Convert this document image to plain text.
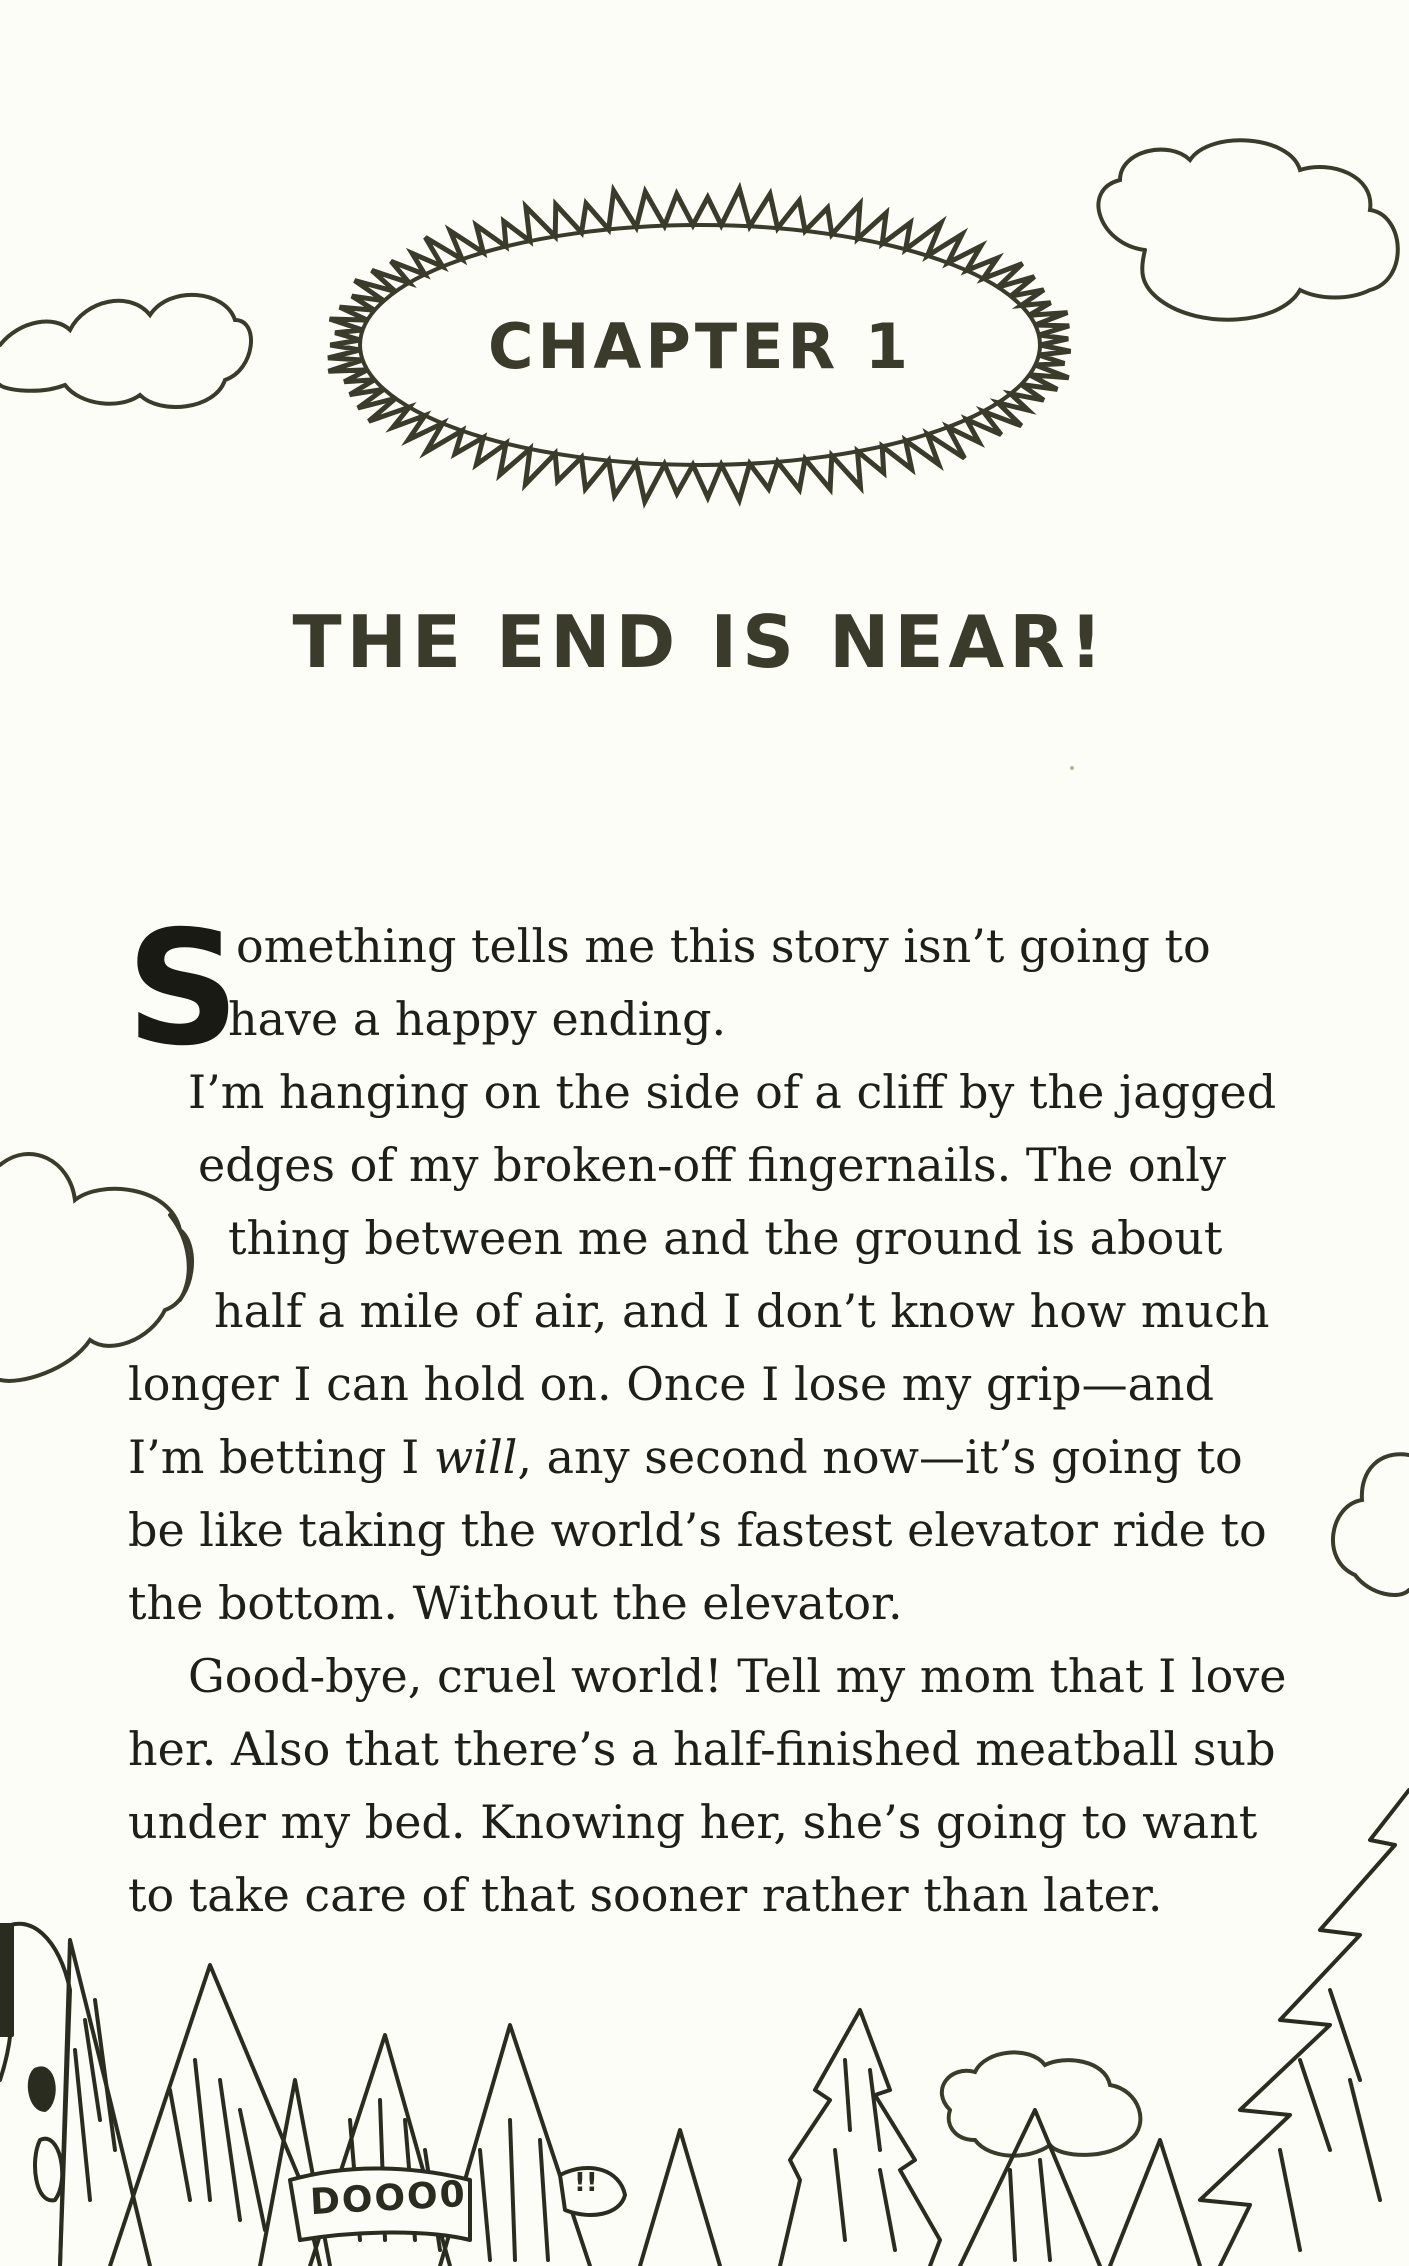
DOOO0	!!
CHAPTER 1
THE END IS NEAR!
S
omething tells me this story isn’t going to
have a happy ending.
I’m hanging on the side of a cliff by the jagged
edges of my broken-off fingernails. The only
thing between me and the ground is about
half a mile of air, and I don’t know how much
longer I can hold on. Once I lose my grip—and
I’m betting I will, any second now—it’s going to
be like taking the world’s fastest elevator ride to
the bottom. Without the elevator.
Good-bye, cruel world! Tell my mom that I love
her. Also that there’s a half-finished meatball sub
under my bed. Knowing her, she’s going to want
to take care of that sooner rather than later.
